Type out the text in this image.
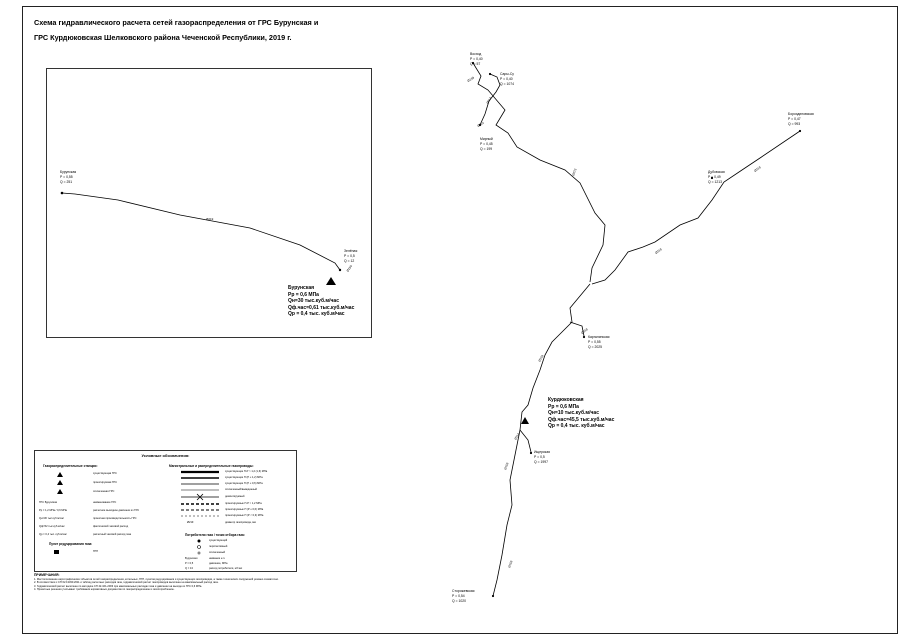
Схема гидравлического расчета сетей газораспределения от ГРС Бурунская и
ГРС Курдюковская Шелковского района Чеченской Республики, 2019 г.
Ø219
Ø159
Ø159
Ø114
Ø114
Ø273	Ø219
Ø219
Ø159
Ø159
Ø114
Ø159
Ø159
Бурунская
P = 0,55
Q = 251
Зелёная
P = 0,5
Q = 12
Восход
P = 0,40
Q = 57
Сары-Су
P = 0,40
Q = 1074
Мирный
P = 0,45
Q = 199
Бороздиновская
P = 0,47
Q = 993
Дубовская
P = 0,49
Q = 1213
Каргалинская
P = 0,55
Q = 2025
Ищерская
P = 0,5
Q = 1997
Сторожевская
P = 0,54
Q = 1020
Бурунская
Рр = 0,6 МПа
Qн=30 тыс.куб.м/час
Qф.час=0,61 тыс.куб.м/час
Qр = 0,4 тыс. куб.м/час
Курдюковская
Рр = 0,6 МПа
Qн=10 тыс.куб.м/час
Qф.час=45,5 тыс.куб.м/час
Qр = 0,4 тыс. куб.м/час
Условные обозначения:
Газораспределительные станции:
существующая ГРС
проектируемая ГРС
отключенная ГРС
ГРС Бурунская
Рр = 1,2 МПа / 0,6 МПа
Qн=30 тыс.куб.м/час
Qф=52 тыс.куб.м/час
Qр = 0,4 тыс. куб.м/час
наименование ГРС
расчетное выходное давление из ГРС
проектная производительность ГРС
фактический часовой расход
расчетный часовой расход газа
Пункт редуцирования газа:
ГРП
Магистральные и распределительные газопроводы:
существующие П-Р > 1,2 (1,6) МПа
существующие П (Р ≤ 1,2) МПа
существующие П (Р ≤ 0,6) МПа
отключенный/выведенный
демонтируемый
проектируемые П-Р > 1,2 МПа
проектируемые П (Р ≤ 0,6) МПа
проектируемые П (Р < 0,3) МПа
Ø219	диаметр газопровода, мм
Потребители газа / точки отбора газа:
существующий
перспективный
отключенный
Бурунская
P = 0,5
Q = 13
название н.п.
давление, МПа
расход потребителя, м³/час
ПРИМЕЧАНИЯ:
1. Местоположение картографических объектов сетей газораспределения, котельных, ГРП, пунктов редуцирования и существующих газопроводов, а также технических сооружений указано схематично.
2. В соответствии с СП 62.13330.2011 и таблиц расчетных расходов газа, гидравлический расчет газопроводов выполнен на максимальный расход газа.
3. Гидравлический расчет выполнен по методике СП 42-101-2003 при максимальных расходах газа и давлении на выходе из ГРС 0,6 МПа.
4. Проектные решения учитывают требования нормативных документов по газораспределению и газопотреблению.
